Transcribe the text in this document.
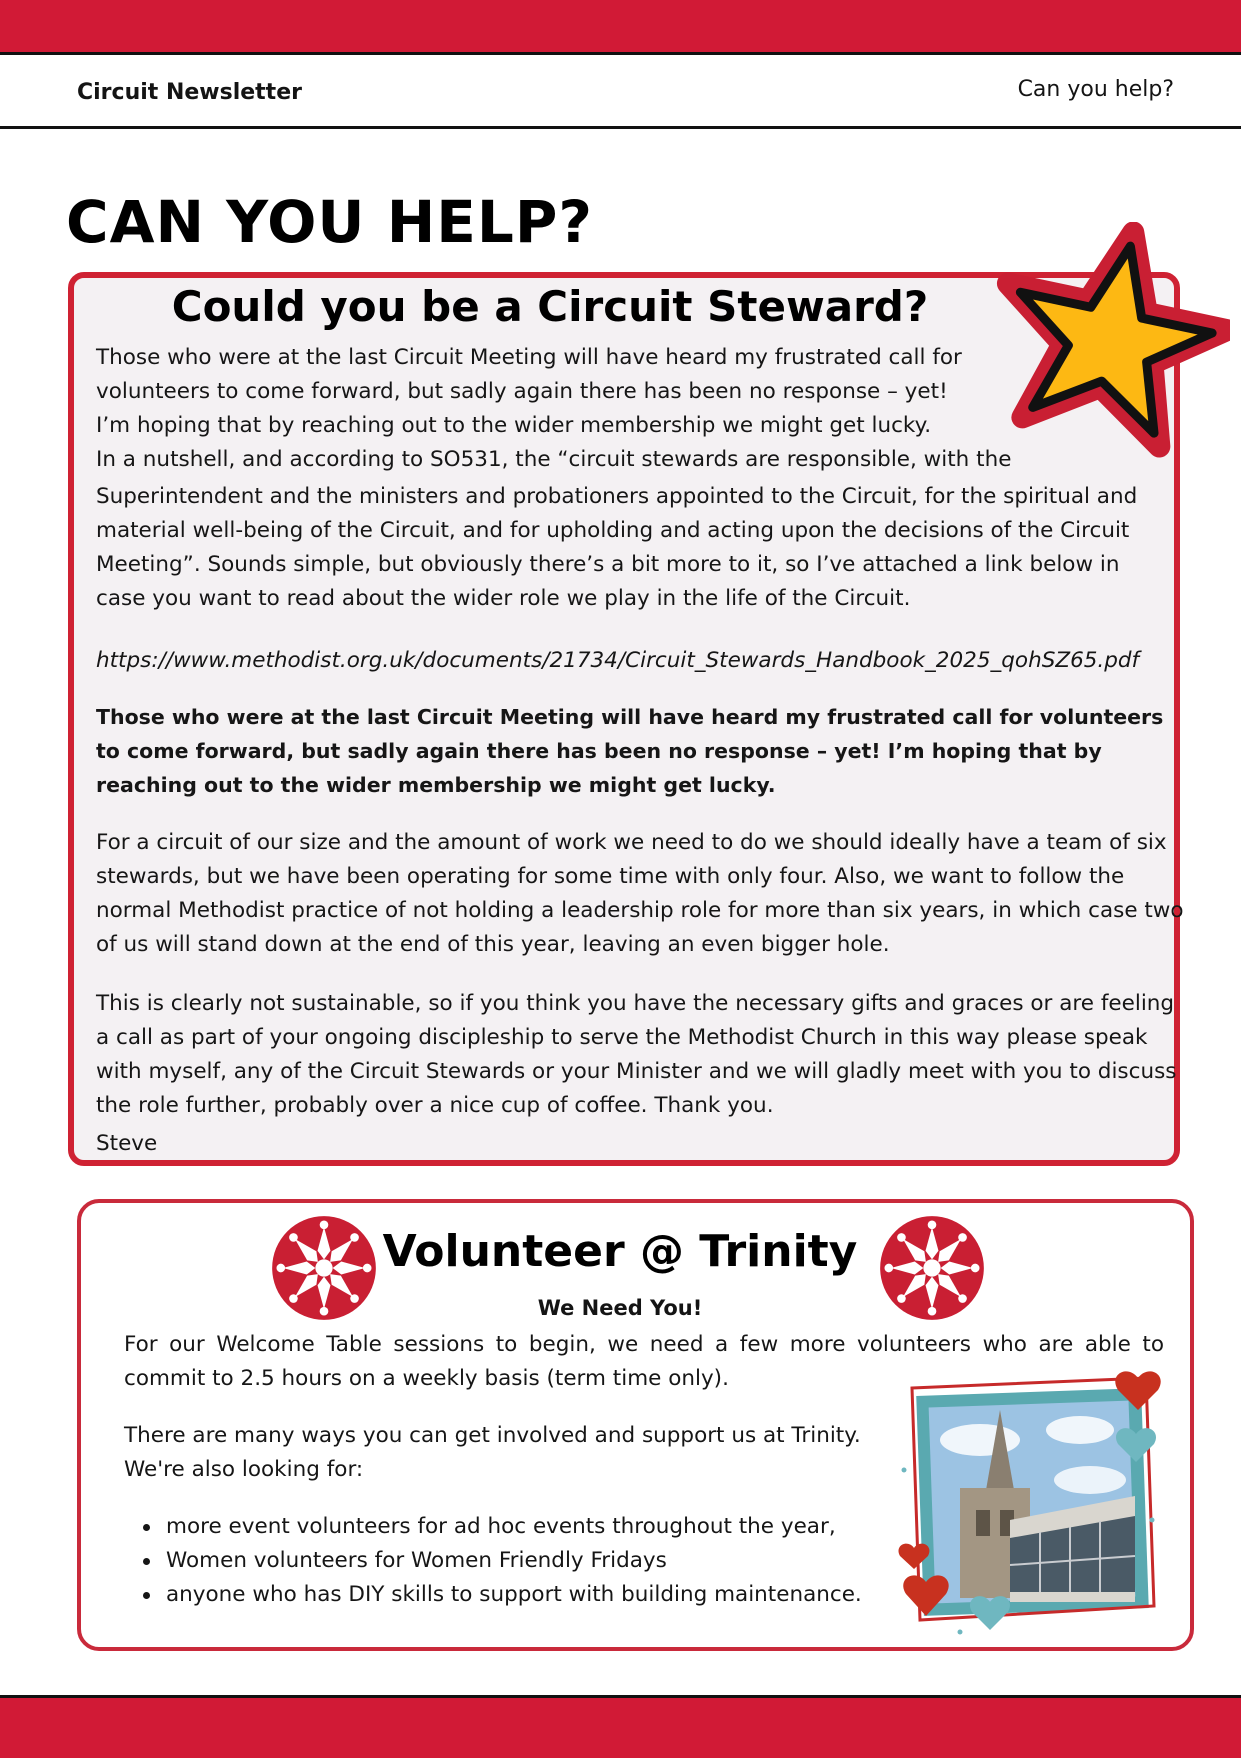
Circuit Newsletter	Can you help?
CAN YOU HELP?
Could you be a Circuit Steward?

Those who were at the last Circuit Meeting will have heard my frustrated call for volunteers to come forward, but sadly again there has been no response – yet! I’m hoping that by reaching out to the wider membership we might get lucky.

In a nutshell, and according to SO531, the “circuit stewards are responsible, with the

Superintendent and the ministers and probationers appointed to the Circuit, for the spiritual and material well-being of the Circuit, and for upholding and acting upon the decisions of the Circuit Meeting”. Sounds simple, but obviously there’s a bit more to it, so I’ve attached a link below in case you want to read about the wider role we play in the life of the Circuit.

https://www.methodist.org.uk/documents/21734/Circuit_Stewards_Handbook_2025_qohSZ65.pdf

Those who were at the last Circuit Meeting will have heard my frustrated call for volunteers to come forward, but sadly again there has been no response – yet! I’m hoping that by reaching out to the wider membership we might get lucky.

For a circuit of our size and the amount of work we need to do we should ideally have a team of six stewards, but we have been operating for some time with only four. Also, we want to follow the normal Methodist practice of not holding a leadership role for more than six years, in which case two of us will stand down at the end of this year, leaving an even bigger hole.

This is clearly not sustainable, so if you think you have the necessary gifts and graces or are feeling a call as part of your ongoing discipleship to serve the Methodist Church in this way please speak with myself, any of the Circuit Stewards or your Minister and we will gladly meet with you to discuss the role further, probably over a nice cup of coffee. Thank you.

Steve

Volunteer @ Trinity

We Need You!

For our Welcome Table sessions to begin, we need a few more volunteers who are able to commit to 2.5 hours on a weekly basis (term time only).

There are many ways you can get involved and support us at Trinity.
We're also looking for:

more event volunteers for ad hoc events throughout the year,
Women volunteers for Women Friendly Fridays
anyone who has DIY skills to support with building maintenance.
